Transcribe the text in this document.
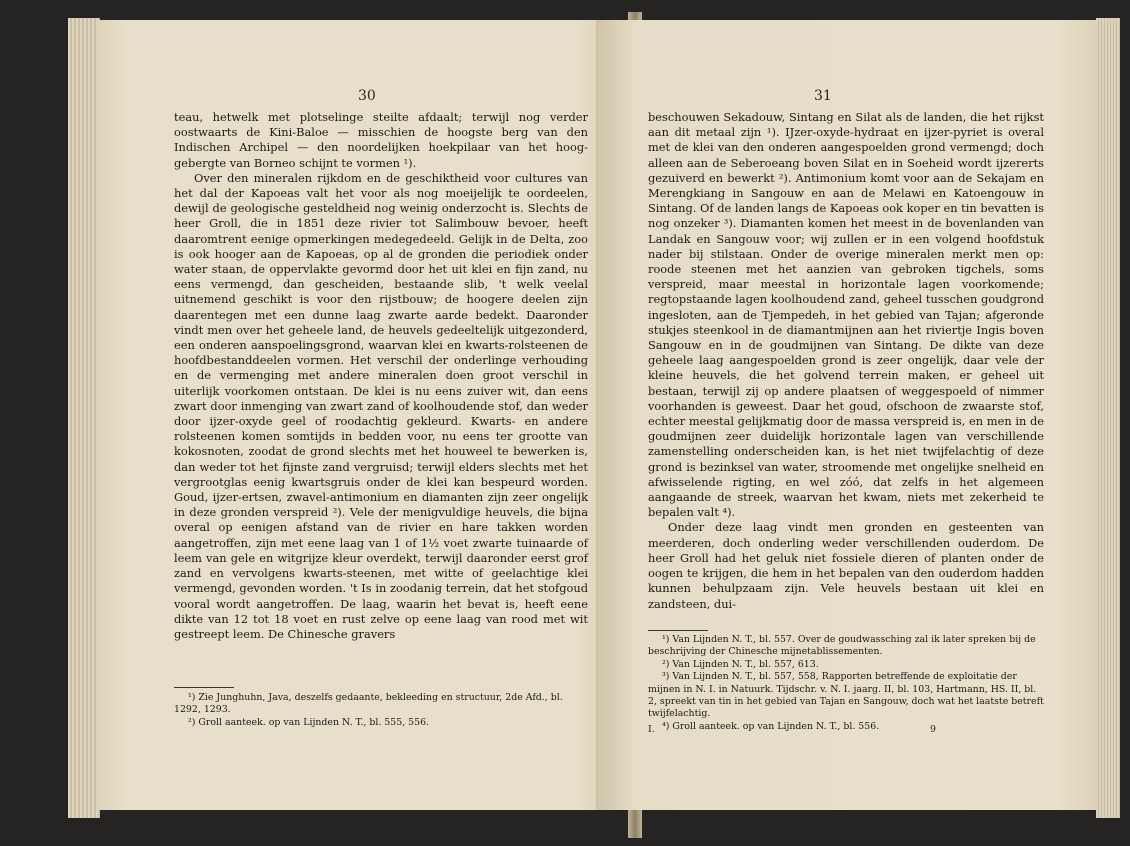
30

teau, hetwelk met plotselinge steilte afdaalt; terwijl nog verder oostwaarts de Kini-Baloe — misschien de hoogste berg van den Indischen Archipel — den noordelijken hoekpilaar van het hoog-gebergte van Borneo schijnt te vormen ¹).

Over den mineralen rijkdom en de geschiktheid voor cultures van het dal der Kapoeas valt het voor als nog moeijelijk te oordeelen, dewijl de geologische gesteldheid nog weinig onderzocht is. Slechts de heer Groll, die in 1851 deze rivier tot Salimbouw bevoer, heeft daaromtrent eenige opmerkingen medegedeeld. Gelijk in de Delta, zoo is ook hooger aan de Kapoeas, op al de gronden die periodiek onder water staan, de oppervlakte gevormd door het uit klei en fijn zand, nu eens vermengd, dan gescheiden, bestaande slib, 't welk veelal uitnemend geschikt is voor den rijstbouw; de hoogere deelen zijn daarentegen met een dunne laag zwarte aarde bedekt. Daaronder vindt men over het geheele land, de heuvels gedeeltelijk uitgezonderd, een onderen aanspoelingsgrond, waarvan klei en kwarts-rolsteenen de hoofdbestanddeelen vormen. Het verschil der onderlinge verhouding en de vermenging met andere mineralen doen groot verschil in uiterlijk voorkomen ontstaan. De klei is nu eens zuiver wit, dan eens zwart door inmenging van zwart zand of koolhoudende stof, dan weder door ijzer-oxyde geel of roodachtig gekleurd. Kwarts- en andere rolsteenen komen somtijds in bedden voor, nu eens ter grootte van kokosnoten, zoodat de grond slechts met het houweel te bewerken is, dan weder tot het fijnste zand vergruisd; terwijl elders slechts met het vergrootglas eenig kwartsgruis onder de klei kan bespeurd worden. Goud, ijzer-ertsen, zwavel-antimonium en diamanten zijn zeer ongelijk in deze gronden verspreid ²). Vele der menigvuldige heuvels, die bijna overal op eenigen afstand van de rivier en hare takken worden aangetroffen, zijn met eene laag van 1 of 1½ voet zwarte tuinaarde of leem van gele en witgrijze kleur overdekt, terwijl daaronder eerst grof zand en vervolgens kwarts-steenen, met witte of geelachtige klei vermengd, gevonden worden. 't Is in zoodanig terrein, dat het stofgoud vooral wordt aangetroffen. De laag, waarin het bevat is, heeft eene dikte van 12 tot 18 voet en rust zelve op eene laag van rood met wit gestreept leem. De Chinesche gravers

¹) Zie Junghuhn, Java, deszelfs gedaante, bekleeding en structuur, 2de Afd., bl. 1292, 1293.
²) Groll aanteek. op van Lijnden N. T., bl. 555, 556.
31

beschouwen Sekadouw, Sintang en Silat als de landen, die het rijkst aan dit metaal zijn ¹). IJzer-oxyde-hydraat en ijzer-pyriet is overal met de klei van den onderen aangespoelden grond vermengd; doch alleen aan de Seberoeang boven Silat en in Soeheid wordt ijzererts gezuiverd en bewerkt ²). Antimonium komt voor aan de Sekajam en Merengkiang in Sangouw en aan de Melawi en Katoengouw in Sintang. Of de landen langs de Kapoeas ook koper en tin bevatten is nog onzeker ³). Diamanten komen het meest in de bovenlanden van Landak en Sangouw voor; wij zullen er in een volgend hoofdstuk nader bij stilstaan. Onder de overige mineralen merkt men op: roode steenen met het aanzien van gebroken tigchels, soms verspreid, maar meestal in horizontale lagen voorkomende; regtopstaande lagen koolhoudend zand, geheel tusschen goudgrond ingesloten, aan de Tjempedeh, in het gebied van Tajan; afgeronde stukjes steenkool in de diamantmijnen aan het riviertje Ingis boven Sangouw en in de goudmijnen van Sintang. De dikte van deze geheele laag aangespoelden grond is zeer ongelijk, daar vele der kleine heuvels, die het golvend terrein maken, er geheel uit bestaan, terwijl zij op andere plaatsen of weggespoeld of nimmer voorhanden is geweest. Daar het goud, ofschoon de zwaarste stof, echter meestal gelijkmatig door de massa verspreid is, en men in de goudmijnen zeer duidelijk horizontale lagen van verschillende zamenstelling onderscheiden kan, is het niet twijfelachtig of deze grond is bezinksel van water, stroomende met ongelijke snelheid en afwisselende rigting, en wel zóó, dat zelfs in het algemeen aangaande de streek, waarvan het kwam, niets met zekerheid te bepalen valt ⁴).

Onder deze laag vindt men gronden en gesteenten van meerderen, doch onderling weder verschillenden ouderdom. De heer Groll had het geluk niet fossiele dieren of planten onder de oogen te krijgen, die hem in het bepalen van den ouderdom hadden kunnen behulpzaam zijn. Vele heuvels bestaan uit klei en zandsteen, dui-

¹) Van Lijnden N. T., bl. 557. Over de goudwassching zal ik later spreken bij de beschrijving der Chinesche mijnetablissementen.
²) Van Lijnden N. T., bl. 557, 613.
³) Van Lijnden N. T., bl. 557, 558, Rapporten betreffende de exploitatie der mijnen in N. I. in Natuurk. Tijdschr. v. N. I. jaarg. II, bl. 103, Hartmann, HS. II, bl. 2, spreekt van tin in het gebied van Tajan en Sangouw, doch wat het laatste betreft twijfelachtig.
⁴) Groll aanteek. op van Lijnden N. T., bl. 556.
I.	9
